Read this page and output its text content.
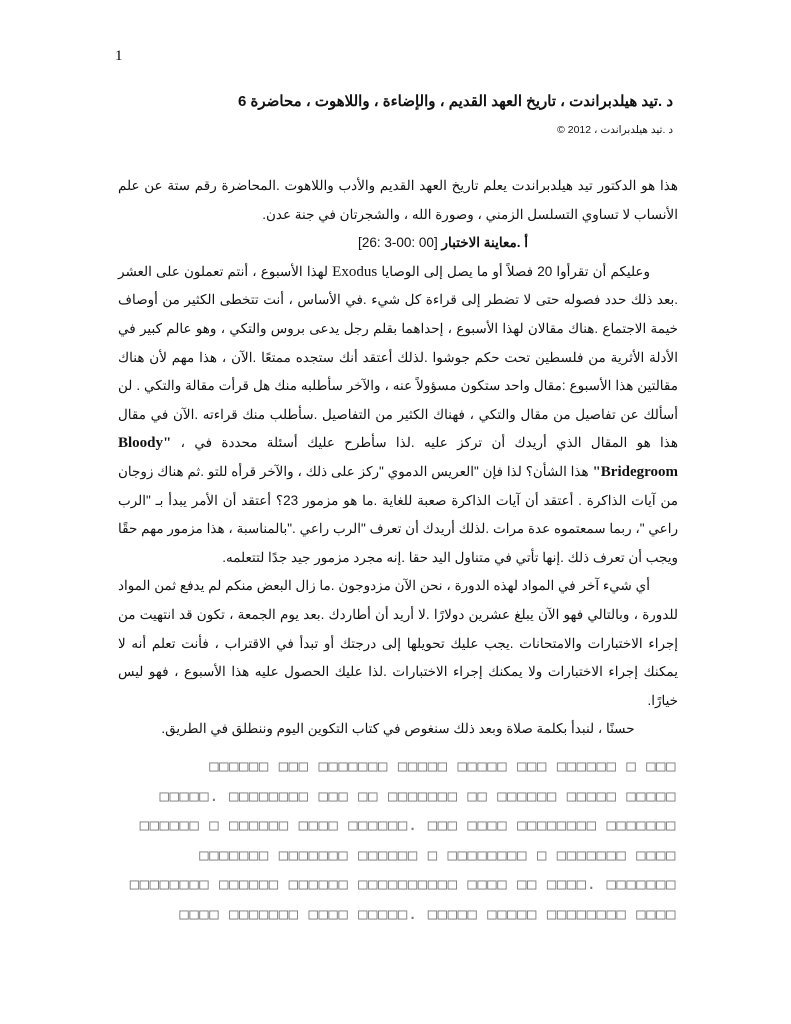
1
د .تيد هيلدبراندت ، تاريخ العهد القديم ، والإضاءة ، واللاهوت ، محاضرة 6
د .تيد هيلدبراندت ، 2012 ©

هذا هو الدكتور تيد هيلدبراندت يعلم تاريخ العهد القديم والأدب واللاهوت .المحاضرة رقم ستة عن علم الأنساب لا تساوي التسلسل الزمني ، وصورة الله ، والشجرتان في جنة عدن.

أ .معاينة الاختبار [00 :00-3 :26]

وعليكم أن تقرأوا 20 فصلاً أو ما يصل إلى الوصايا Exodus لهذا الأسبوع ، أنتم تعملون على العشر .بعد ذلك حدد فصوله حتى لا تضطر إلى قراءة كل شيء .في الأساس ، أنت تتخطى الكثير من أوصاف خيمة الاجتماع .هناك مقالان لهذا الأسبوع ، إحداهما بقلم رجل يدعى بروس والتكي ، وهو عالم كبير في الأدلة الأثرية من فلسطين تحت حكم جوشوا .لذلك أعتقد أنك ستجده ممتعًا .الآن ، هذا مهم لأن هناك مقالتين هذا الأسبوع :مقال واحد ستكون مسؤولاً عنه ، والآخر سأطلبه منك هل قرأت مقالة والتكي . لن أسألك عن تفاصيل من مقال والتكي ، فهناك الكثير من التفاصيل .سأطلب منك قراءته .الآن في مقال هذا هو المقال الذي أريدك أن تركز عليه .لذا سأطرح عليك أسئلة محددة في ، "Bloody Bridegroom" هذا الشأن؟ لذا فإن "العريس الدموي "ركز على ذلك ، والآخر قرأه للتو .ثم هناك زوجان من آيات الذاكرة . أعتقد أن آيات الذاكرة صعبة للغاية .ما هو مزمور 23؟ أعتقد أن الأمر يبدأ بـ "الرب راعي "، ربما سمعتموه عدة مرات .لذلك أريدك أن تعرف "الرب راعي ."بالمناسبة ، هذا مزمور مهم حقًا ويجب أن تعرف ذلك .إنها تأتي في متناول اليد حقا .إنه مجرد مزمور جيد جدًا لتتعلمه.

أي شيء آخر في المواد لهذه الدورة ، نحن الآن مزدوجون .ما زال البعض منكم لم يدفع ثمن المواد للدورة ، وبالتالي فهو الآن يبلغ عشرين دولارًا .لا أريد أن أطاردك .بعد يوم الجمعة ، تكون قد انتهيت من إجراء الاختبارات والامتحانات .يجب عليك تحويلها إلى درجتك أو تبدأ في الاقتراب ، فأنت تعلم أنه لا يمكنك إجراء الاختبارات ولا يمكنك إجراء الاختبارات .لذا عليك الحصول عليه هذا الأسبوع ، فهو ليس خيارًا.

حسنًا ، لنبدأ بكلمة صلاة وبعد ذلك سنغوص في كتاب التكوين اليوم وننطلق في الطريق.

□□□□□□ □□□ □□□□□□□ □□□□□ □□□□□ □□□ □□□□□□ □ □□□
□□□□□. □□□□□□□□ □□□ □□ □□□□□□□ □□ □□□□□□ □□□□□ □□□□□
□□□□□□ □ □□□□□□ □□□□ □□□□□□. □□□ □□□□ □□□□□□□□ □□□□□□□
□□□□□□□ □□□□□□□ □□□□□□ □ □□□□□□□□ □ □□□□□□□ □□□□
□□□□□□□□ □□□□□□ □□□□□□ □□□□□□□□□□ □□□□ □□ □□□□. □□□□□□□
□□□□ □□□□□□□ □□□□ □□□□□. □□□□□ □□□□□ □□□□□□□□ □□□□
